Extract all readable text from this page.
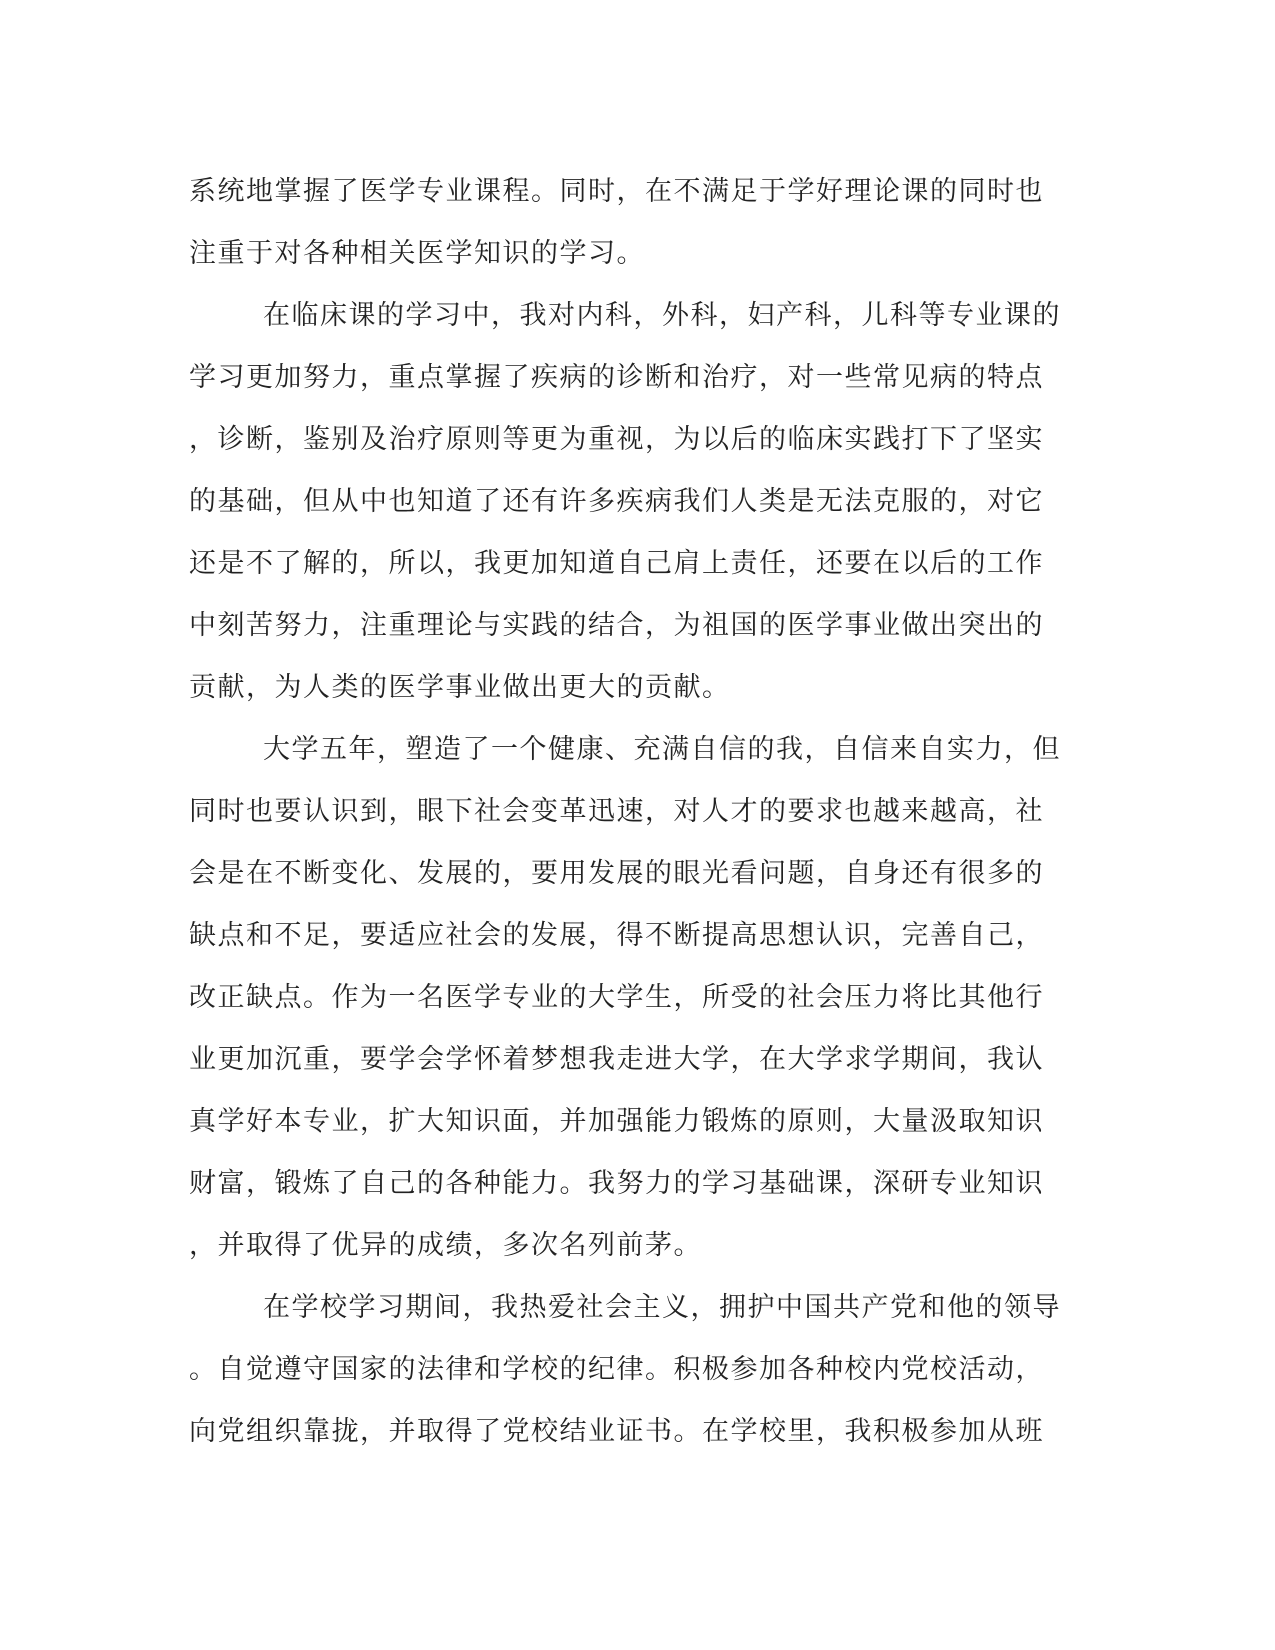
系统地掌握了医学专业课程。同时，在不满足于学好理论课的同时也
注重于对各种相关医学知识的学习。
在临床课的学习中，我对内科，外科，妇产科，儿科等专业课的
学习更加努力，重点掌握了疾病的诊断和治疗，对一些常见病的特点
，诊断，鉴别及治疗原则等更为重视，为以后的临床实践打下了坚实
的基础，但从中也知道了还有许多疾病我们人类是无法克服的，对它
还是不了解的，所以，我更加知道自己肩上责任，还要在以后的工作
中刻苦努力，注重理论与实践的结合，为祖国的医学事业做出突出的
贡献，为人类的医学事业做出更大的贡献。
大学五年，塑造了一个健康、充满自信的我，自信来自实力，但
同时也要认识到，眼下社会变革迅速，对人才的要求也越来越高，社
会是在不断变化、发展的，要用发展的眼光看问题，自身还有很多的
缺点和不足，要适应社会的发展，得不断提高思想认识，完善自己，
改正缺点。作为一名医学专业的大学生，所受的社会压力将比其他行
业更加沉重，要学会学怀着梦想我走进大学，在大学求学期间，我认
真学好本专业，扩大知识面，并加强能力锻炼的原则，大量汲取知识
财富，锻炼了自己的各种能力。我努力的学习基础课，深研专业知识
，并取得了优异的成绩，多次名列前茅。
在学校学习期间，我热爱社会主义，拥护中国共产党和他的领导
。自觉遵守国家的法律和学校的纪律。积极参加各种校内党校活动，
向党组织靠拢，并取得了党校结业证书。在学校里，我积极参加从班
